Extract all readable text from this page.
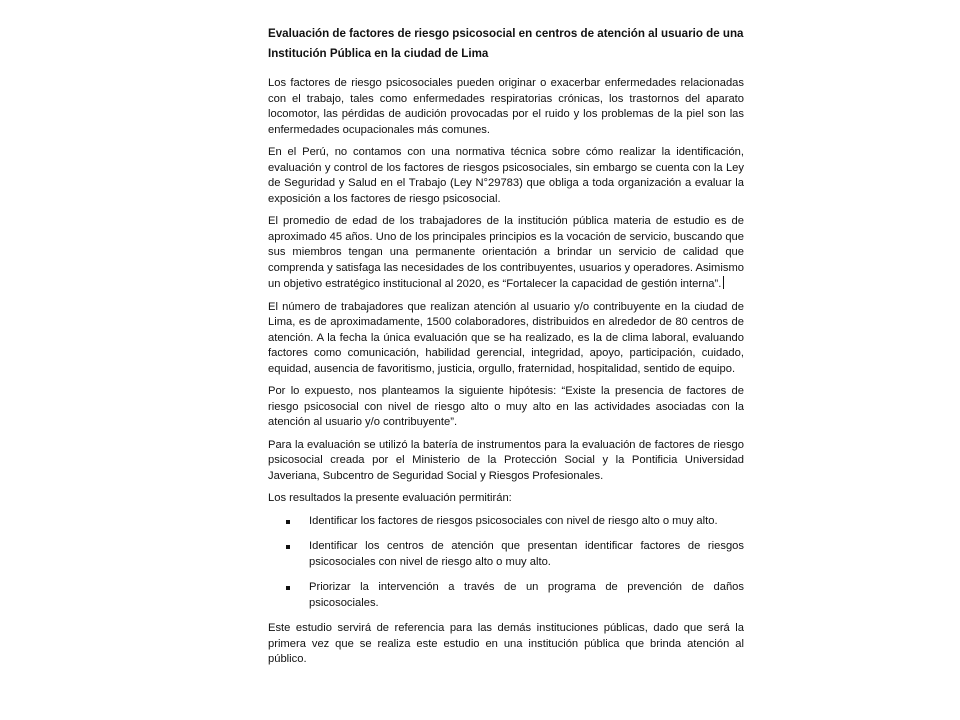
Evaluación de factores de riesgo psicosocial en centros de atención al usuario de una Institución Pública en la ciudad de Lima

Los factores de riesgo psicosociales pueden originar o exacerbar enfermedades relacionadas con el trabajo, tales como enfermedades respiratorias crónicas, los trastornos del aparato locomotor, las pérdidas de audición provocadas por el ruido y los problemas de la piel son las enfermedades ocupacionales más comunes.

En el Perú, no contamos con una normativa técnica sobre cómo realizar la identificación, evaluación y control de los factores de riesgos psicosociales, sin embargo se cuenta con la Ley de Seguridad y Salud en el Trabajo (Ley N°29783) que obliga a toda organización a evaluar la exposición a los factores de riesgo psicosocial.

El promedio de edad de los trabajadores de la institución pública materia de estudio es de aproximado 45 años. Uno de los principales principios es la vocación de servicio, buscando que sus miembros tengan una permanente orientación a brindar un servicio de calidad que comprenda y satisfaga las necesidades de los contribuyentes, usuarios y operadores. Asimismo un objetivo estratégico institucional al 2020, es “Fortalecer la capacidad de gestión interna”.

El número de trabajadores que realizan atención al usuario y/o contribuyente en la ciudad de Lima, es de aproximadamente, 1500 colaboradores, distribuidos en alrededor de 80 centros de atención. A la fecha la única evaluación que se ha realizado, es la de clima laboral, evaluando factores como comunicación, habilidad gerencial, integridad, apoyo, participación, cuidado, equidad, ausencia de favoritismo, justicia, orgullo, fraternidad, hospitalidad, sentido de equipo.

Por lo expuesto, nos planteamos la siguiente hipótesis: “Existe la presencia de factores de riesgo psicosocial con nivel de riesgo alto o muy alto en las actividades asociadas con la atención al usuario y/o contribuyente”.

Para la evaluación se utilizó la batería de instrumentos para la evaluación de factores de riesgo psicosocial creada por el Ministerio de la Protección Social y la Pontificia Universidad Javeriana, Subcentro de Seguridad Social y Riesgos Profesionales.

Los resultados la presente evaluación permitirán:

Identificar los factores de riesgos psicosociales con nivel de riesgo alto o muy alto.
Identificar los centros de atención que presentan identificar factores de riesgos psicosociales con nivel de riesgo alto o muy alto.
Priorizar la intervención a través de un programa de prevención de daños psicosociales.

Este estudio servirá de referencia para las demás instituciones públicas, dado que será la primera vez que se realiza este estudio en una institución pública que brinda atención al público.
